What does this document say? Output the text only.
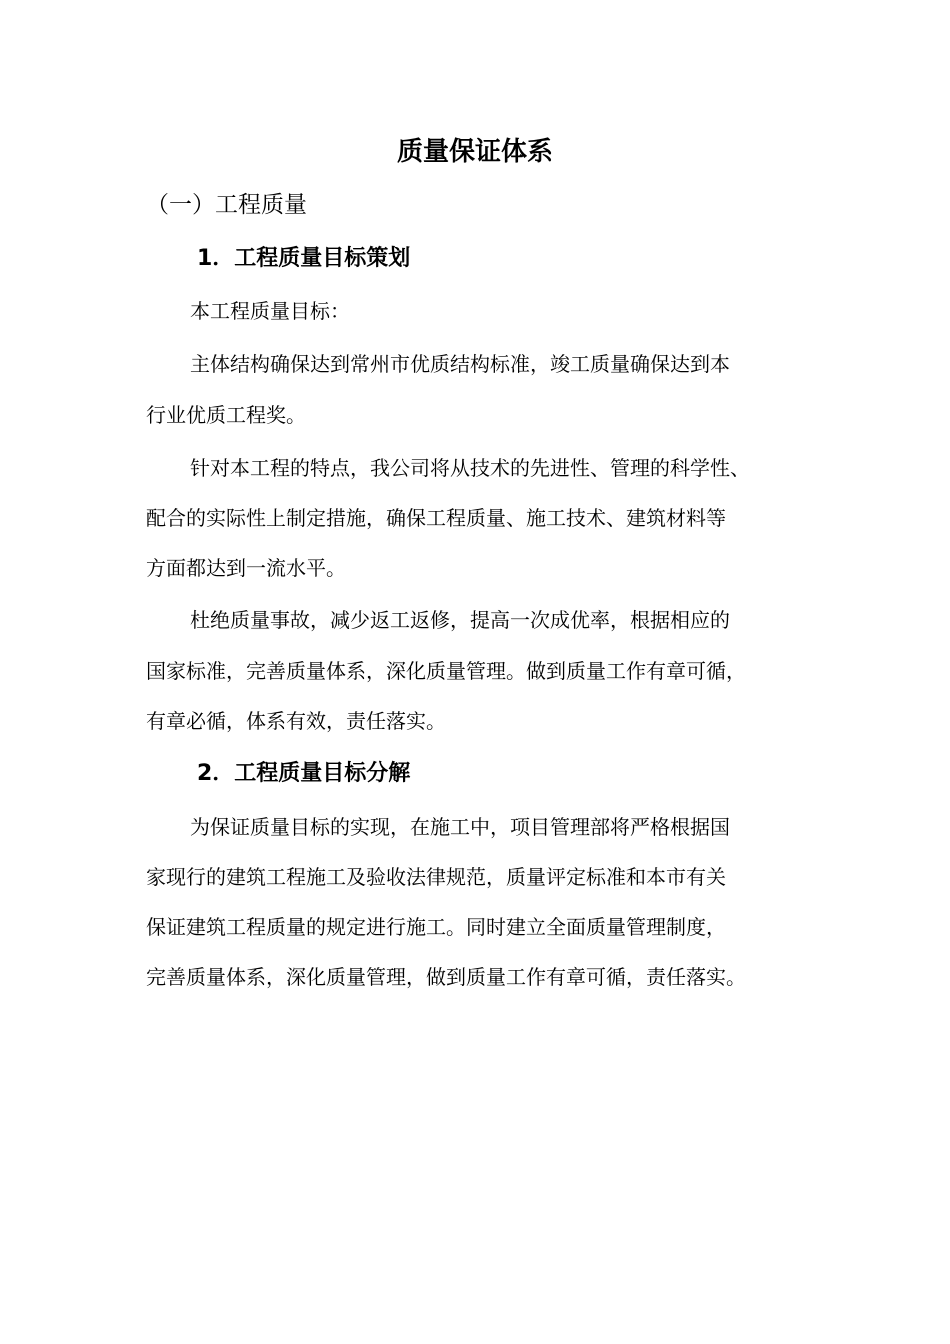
质量保证体系
（一）工程质量
1．工程质量目标策划
本工程质量目标：
主体结构确保达到常州市优质结构标准，竣工质量确保达到本
行业优质工程奖。
针对本工程的特点，我公司将从技术的先进性、管理的科学性、
配合的实际性上制定措施，确保工程质量、施工技术、建筑材料等
方面都达到一流水平。
杜绝质量事故，减少返工返修，提高一次成优率，根据相应的
国家标准，完善质量体系，深化质量管理。做到质量工作有章可循，
有章必循，体系有效，责任落实。
2．工程质量目标分解
为保证质量目标的实现，在施工中，项目管理部将严格根据国
家现行的建筑工程施工及验收法律规范，质量评定标准和本市有关
保证建筑工程质量的规定进行施工。同时建立全面质量管理制度，
完善质量体系，深化质量管理，做到质量工作有章可循，责任落实。
